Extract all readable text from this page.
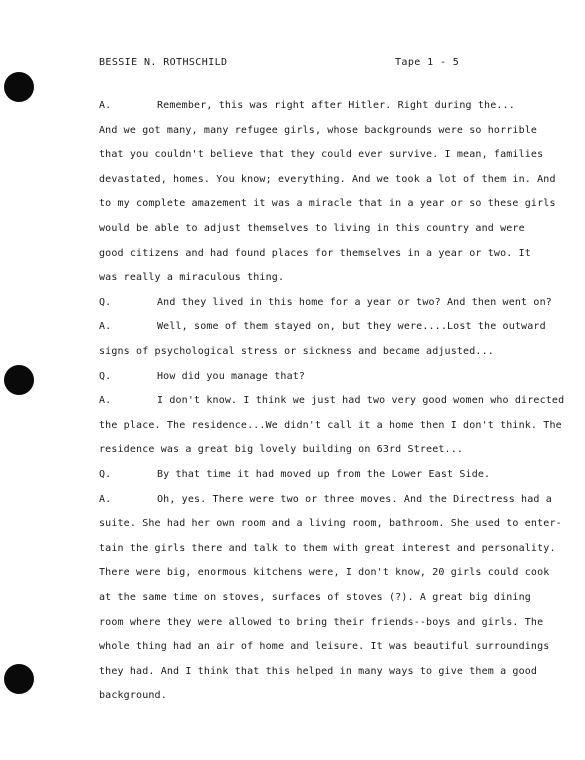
BESSIE N. ROTHSCHILD	Tape 1 - 5
A.	Remember, this was right after Hitler. Right during the...
And we got many, many refugee girls, whose backgrounds were so horrible
that you couldn't believe that they could ever survive. I mean, families
devastated, homes. You know; everything. And we took a lot of them in. And
to my complete amazement it was a miracle that in a year or so these girls
would be able to adjust themselves to living in this country and were
good citizens and had found places for themselves in a year or two. It
was really a miraculous thing.
Q.	And they lived in this home for a year or two? And then went on?
A.	Well, some of them stayed on, but they were....Lost the outward
signs of psychological stress or sickness and became adjusted...
Q.	How did you manage that?
A.	I don't know. I think we just had two very good women who directed
the place. The residence...We didn't call it a home then I don't think. The
residence was a great big lovely building on 63rd Street...
Q.	By that time it had moved up from the Lower East Side.
A.	Oh, yes. There were two or three moves. And the Directress had a
suite. She had her own room and a living room, bathroom. She used to enter-
tain the girls there and talk to them with great interest and personality.
There were big, enormous kitchens were, I don't know, 20 girls could cook
at the same time on stoves, surfaces of stoves (?). A great big dining
room where they were allowed to bring their friends--boys and girls. The
whole thing had an air of home and leisure. It was beautiful surroundings
they had. And I think that this helped in many ways to give them a good
background.
